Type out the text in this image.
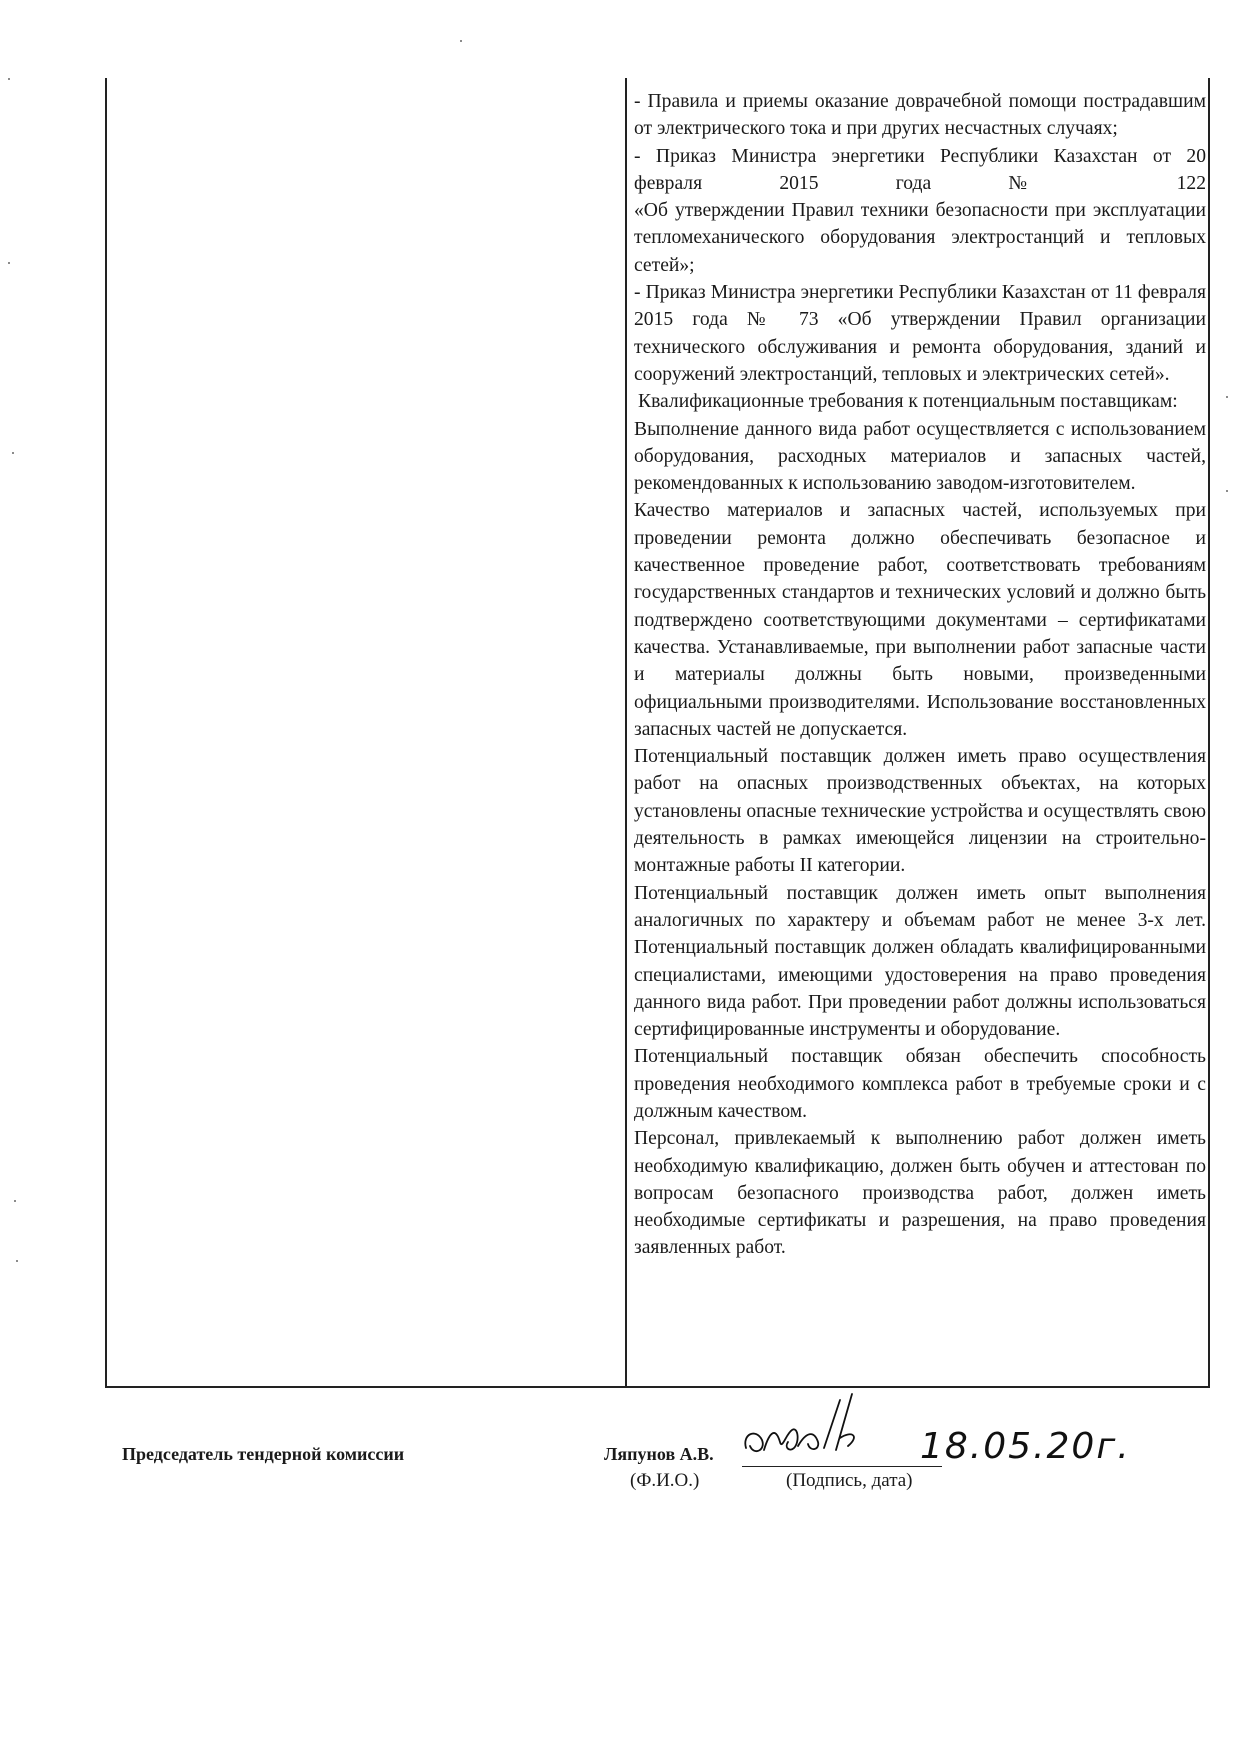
- Правила и приемы оказание доврачебной помощи пострадавшим от электрического тока и при других несчастных случаях;

- Приказ Министра энергетики Республики Казахстан от 20

февраля 2015 года № 122

«Об утверждении Правил техники безопасности при эксплуатации тепломеханического оборудования электростанций и тепловых сетей»;

- Приказ Министра энергетики Республики Казахстан от 11 февраля 2015 года № 73 «Об утверждении Правил организации технического обслуживания и ремонта оборудования, зданий и сооружений электростанций, тепловых и электрических сетей».

Квалификационные требования к потенциальным поставщикам:

Выполнение данного вида работ осуществляется с использованием оборудования, расходных материалов и запасных частей, рекомендованных к использованию заводом-изготовителем.

Качество материалов и запасных частей, используемых при проведении ремонта должно обеспечивать безопасное и качественное проведение работ, соответствовать требованиям государственных стандартов и технических условий и должно быть подтверждено соответствующими документами – сертификатами качества. Устанавливаемые, при выполнении работ запасные части и материалы должны быть новыми, произведенными официальными производителями. Использование восстановленных запасных частей не допускается.

Потенциальный поставщик должен иметь право осуществления работ на опасных производственных объектах, на которых установлены опасные технические устройства и осуществлять свою деятельность в рамках имеющейся лицензии на строительно-монтажные работы II категории.

Потенциальный поставщик должен иметь опыт выполнения аналогичных по характеру и объемам работ не менее 3-х лет. Потенциальный поставщик должен обладать квалифицированными специалистами, имеющими удостоверения на право проведения данного вида работ. При проведении работ должны использоваться сертифицированные инструменты и оборудование.

Потенциальный поставщик обязан обеспечить способность проведения необходимого комплекса работ в требуемые сроки и с должным качеством.

Персонал, привлекаемый к выполнению работ должен иметь необходимую квалификацию, должен быть обучен и аттестован по вопросам безопасного производства работ, должен иметь необходимые сертификаты и разрешения, на право проведения заявленных работ.

Председатель тендерной комиссии	Ляпунов А.В.	18.05.20г.
(Ф.И.О.)	(Подпись, дата)
